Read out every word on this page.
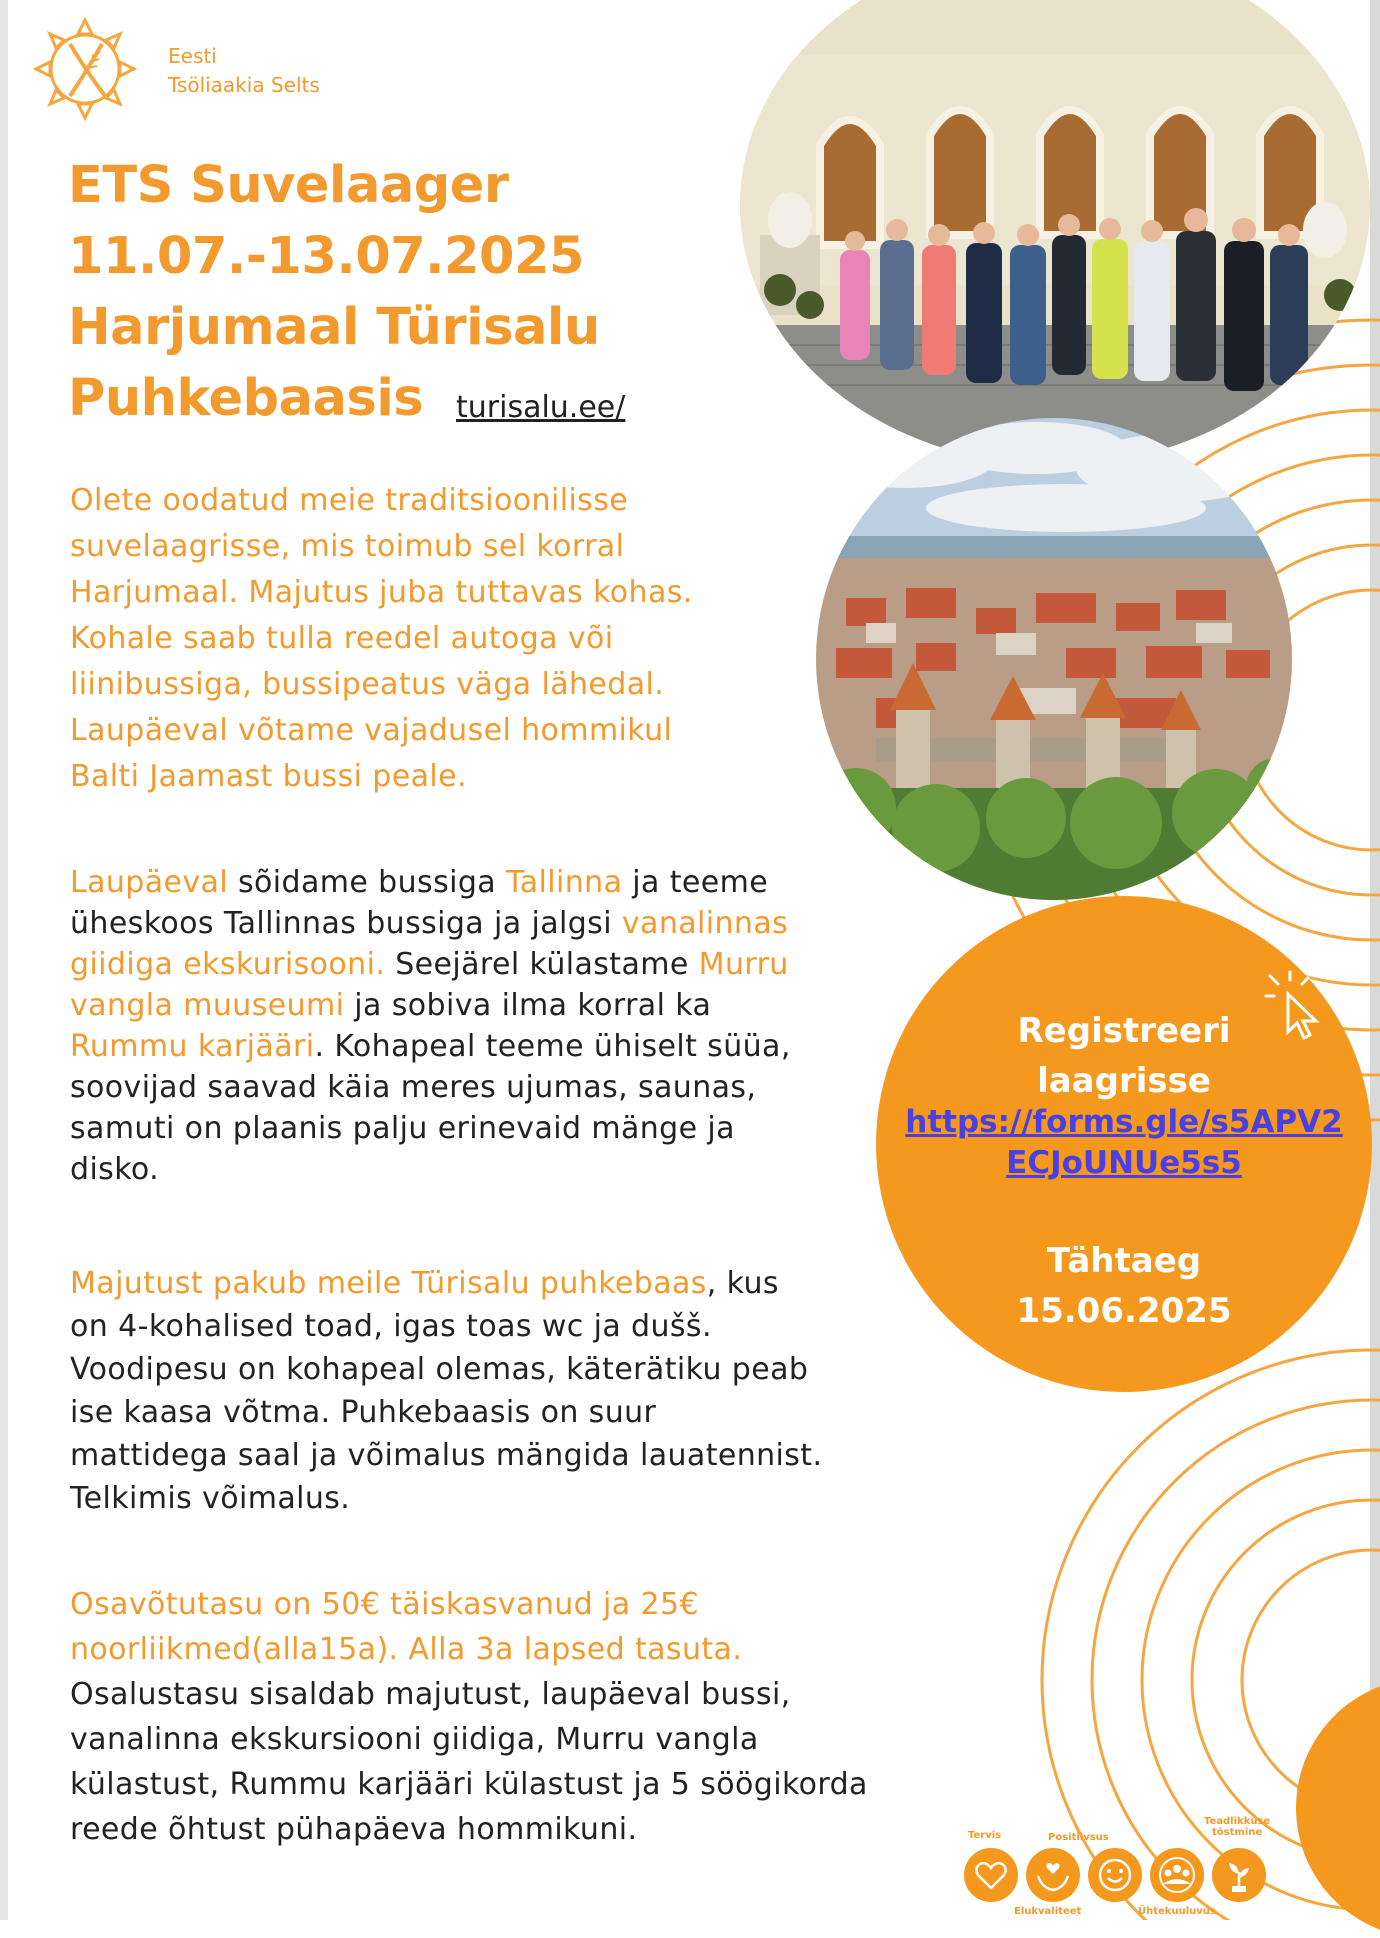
Eesti
Tsöliaakia Selts
ETS Suvelaager
11.07.-13.07.2025
Harjumaal Türisalu
Puhkebaasis	turisalu.ee/
Olete oodatud meie traditsioonilisse
suvelaagrisse, mis toimub sel korral
Harjumaal. Majutus juba tuttavas kohas.
Kohale saab tulla reedel autoga või
liinibussiga, bussipeatus väga lähedal.
Laupäeval võtame vajadusel hommikul
Balti Jaamast bussi peale.
Laupäeval sõidame bussiga Tallinna ja teeme
üheskoos Tallinnas bussiga ja jalgsi vanalinnas
giidiga ekskurisooni. Seejärel külastame Murru
vangla muuseumi ja sobiva ilma korral ka
Rummu karjääri. Kohapeal teeme ühiselt süüa,
soovijad saavad käia meres ujumas, saunas,
samuti on plaanis palju erinevaid mänge ja
disko.
Majutust pakub meile Türisalu puhkebaas, kus
on 4-kohalised toad, igas toas wc ja dušš.
Voodipesu on kohapeal olemas, käterätiku peab
ise kaasa võtma. Puhkebaasis on suur
mattidega saal ja võimalus mängida lauatennist.
Telkimis võimalus.
Osavõtutasu on 50€ täiskasvanud ja 25€
noorliikmed(alla15a). Alla 3a lapsed tasuta.
Osalustasu sisaldab majutust, laupäeval bussi,
vanalinna ekskursiooni giidiga, Murru vangla
külastust, Rummu karjääri külastust ja 5 söögikorda
reede õhtust pühapäeva hommikuni.
Registreeri
laagrisse
https://forms.gle/s5APV2
ECJoUNUe5s5
Tähtaeg
15.06.2025
Tervis	Positiivsus
Teadlikkuse
tõstmine
Elukvaliteet	Ühtekuuluvus
